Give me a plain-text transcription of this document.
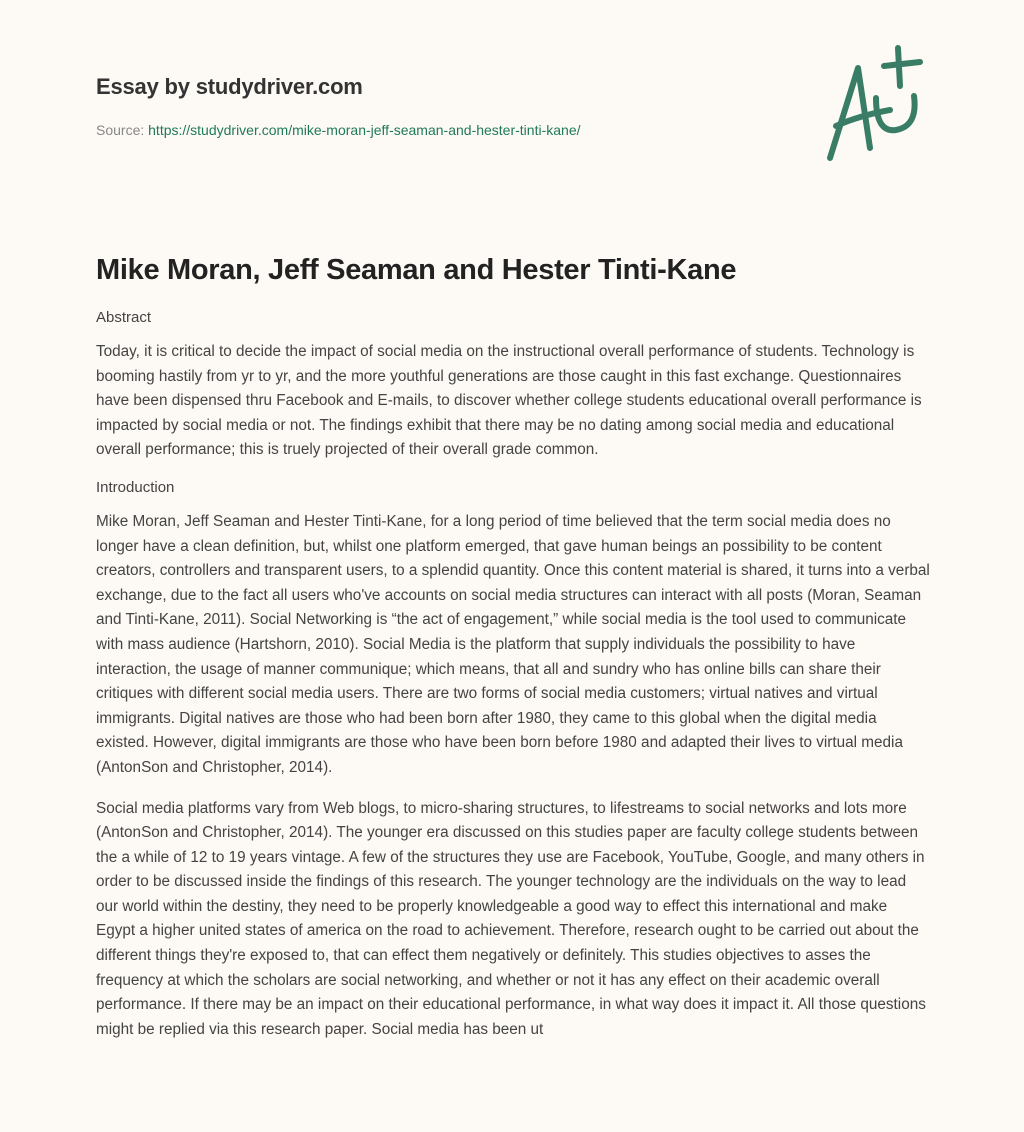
Essay by studydriver.com
Source: https://studydriver.com/mike-moran-jeff-seaman-and-hester-tinti-kane/
Mike Moran, Jeff Seaman and Hester Tinti-Kane
Abstract

Today, it is critical to decide the impact of social media on the instructional overall performance of students. Technology is booming hastily from yr to yr, and the more youthful generations are those caught in this fast exchange. Questionnaires have been dispensed thru Facebook and E-mails, to discover whether college students educational overall performance is impacted by social media or not. The findings exhibit that there may be no dating among social media and educational overall performance; this is truely projected of their overall grade common.

Introduction

Mike Moran, Jeff Seaman and Hester Tinti-Kane, for a long period of time believed that the term social media does no longer have a clean definition, but, whilst one platform emerged, that gave human beings an possibility to be content creators, controllers and transparent users, to a splendid quantity. Once this content material is shared, it turns into a verbal exchange, due to the fact all users who've accounts on social media structures can interact with all posts (Moran, Seaman and Tinti-Kane, 2011). Social Networking is “the act of engagement,” while social media is the tool used to communicate with mass audience (Hartshorn, 2010). Social Media is the platform that supply individuals the possibility to have interaction, the usage of manner communique; which means, that all and sundry who has online bills can share their critiques with different social media users. There are two forms of social media customers; virtual natives and virtual immigrants. Digital natives are those who had been born after 1980, they came to this global when the digital media existed. However, digital immigrants are those who have been born before 1980 and adapted their lives to virtual media (AntonSon and Christopher, 2014).

Social media platforms vary from Web blogs, to micro-sharing structures, to lifestreams to social networks and lots more (AntonSon and Christopher, 2014). The younger era discussed on this studies paper are faculty college students between the a while of 12 to 19 years vintage. A few of the structures they use are Facebook, YouTube, Google, and many others in order to be discussed inside the findings of this research. The younger technology are the individuals on the way to lead our world within the destiny, they need to be properly knowledgeable a good way to effect this international and make Egypt a higher united states of america on the road to achievement. Therefore, research ought to be carried out about the different things they're exposed to, that can effect them negatively or definitely. This studies objectives to asses the frequency at which the scholars are social networking, and whether or not it has any effect on their academic overall performance. If there may be an impact on their educational performance, in what way does it impact it. All those questions might be replied via this research paper. Social media has been ut
